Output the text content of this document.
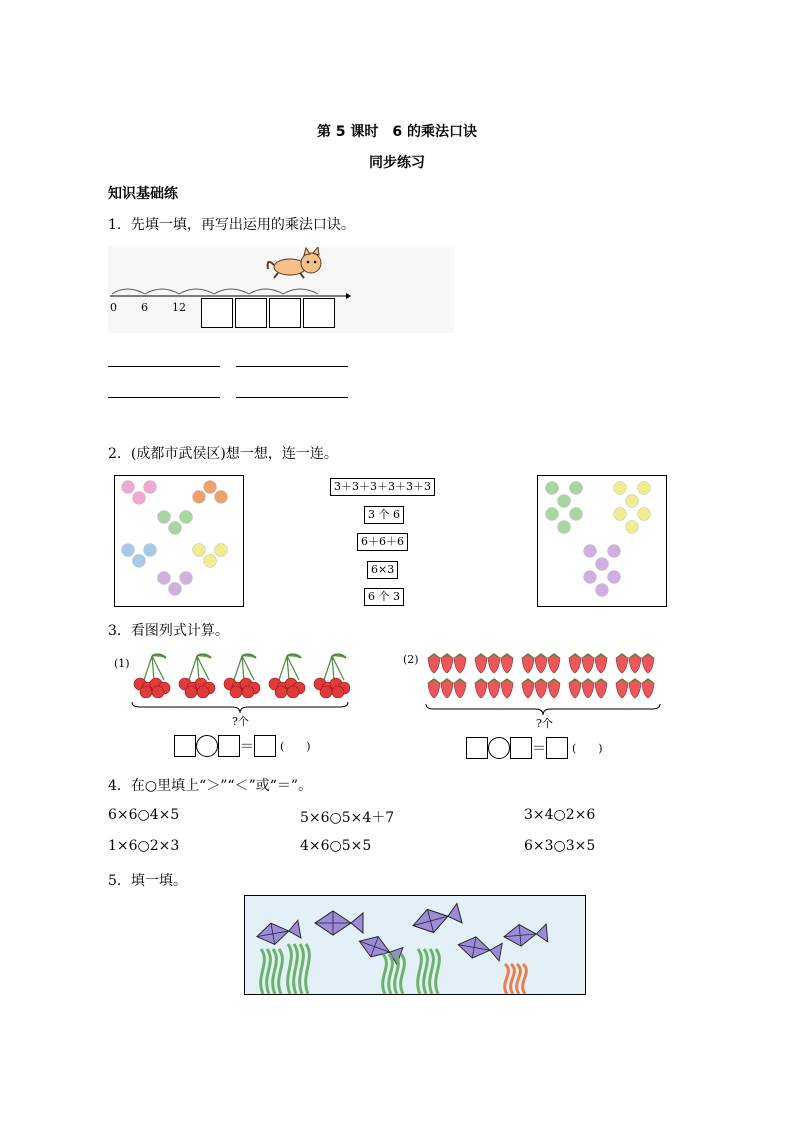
第 5 课时　6 的乘法口诀
同步练习
知识基础练
1．先填一填，再写出运用的乘法口诀。
0 6 12
2．(成都市武侯区)想一想，连一连。
3＋3＋3＋3＋3＋3
3 个 6
6＋6＋6
6×3
6 个 3
3．看图列式计算。
(1)
?个
＝ (　　)
(2)
?个
＝ (　　)
4．在○里填上“＞”“＜”或“＝”。
6×6○4×5	5×6○5×4＋7	3×4○2×6
1×6○2×3	4×6○5×5	6×3○3×5
5．填一填。
